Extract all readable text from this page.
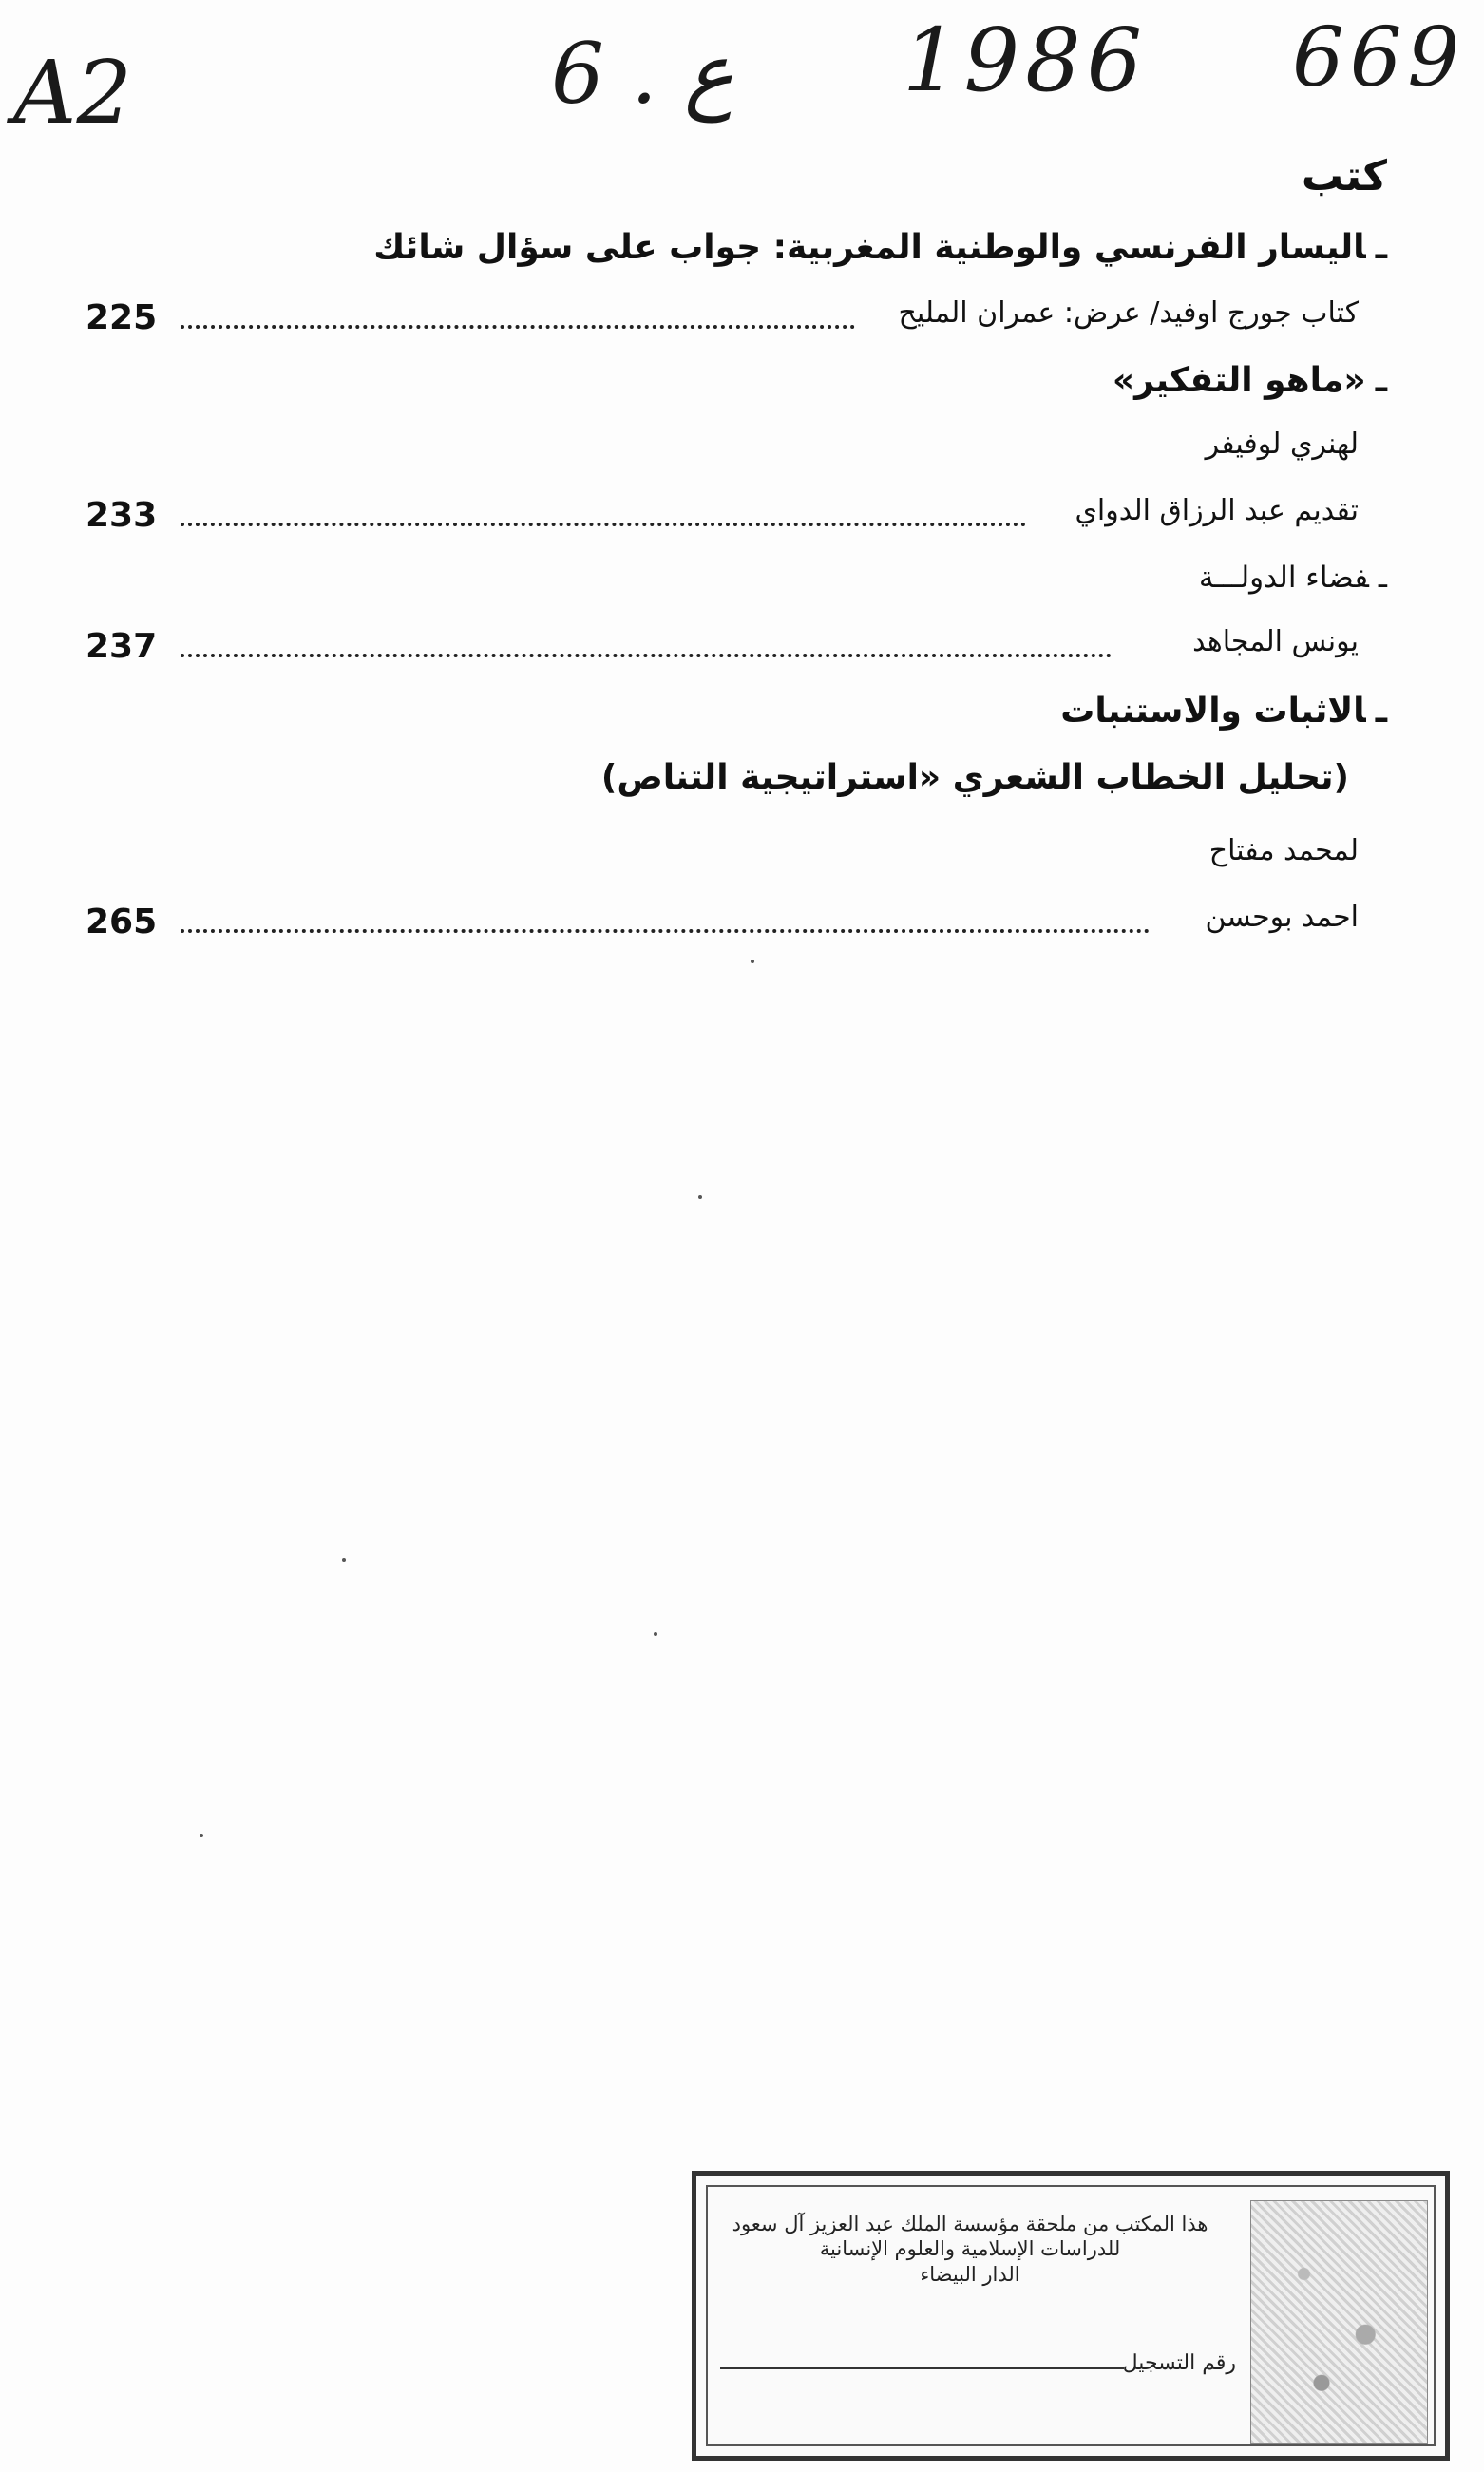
A2	6 . ع 1986 669
كتب
ـاليسار الفرنسي والوطنية المغربية: جواب على سؤال شائك
كتاب جورج اوفيد/ عرض: عمران المليح
225
ـ«ماهو التفكير»
لهنري لوفيفر
تقديم عبد الرزاق الدواي
233
ـفضاء الدولـــة
يونس المجاهد
237
ـالاثبات والاستنبات
(تحليل الخطاب الشعري «استراتيجية التناص)
لمحمد مفتاح
احمد بوحسن
265
هذا المكتب من ملحقة مؤسسة الملك عبد العزيز آل سعود
للدراسات الإسلامية والعلوم الإنسانية
الدار البيضاء
رقم التسجيل
